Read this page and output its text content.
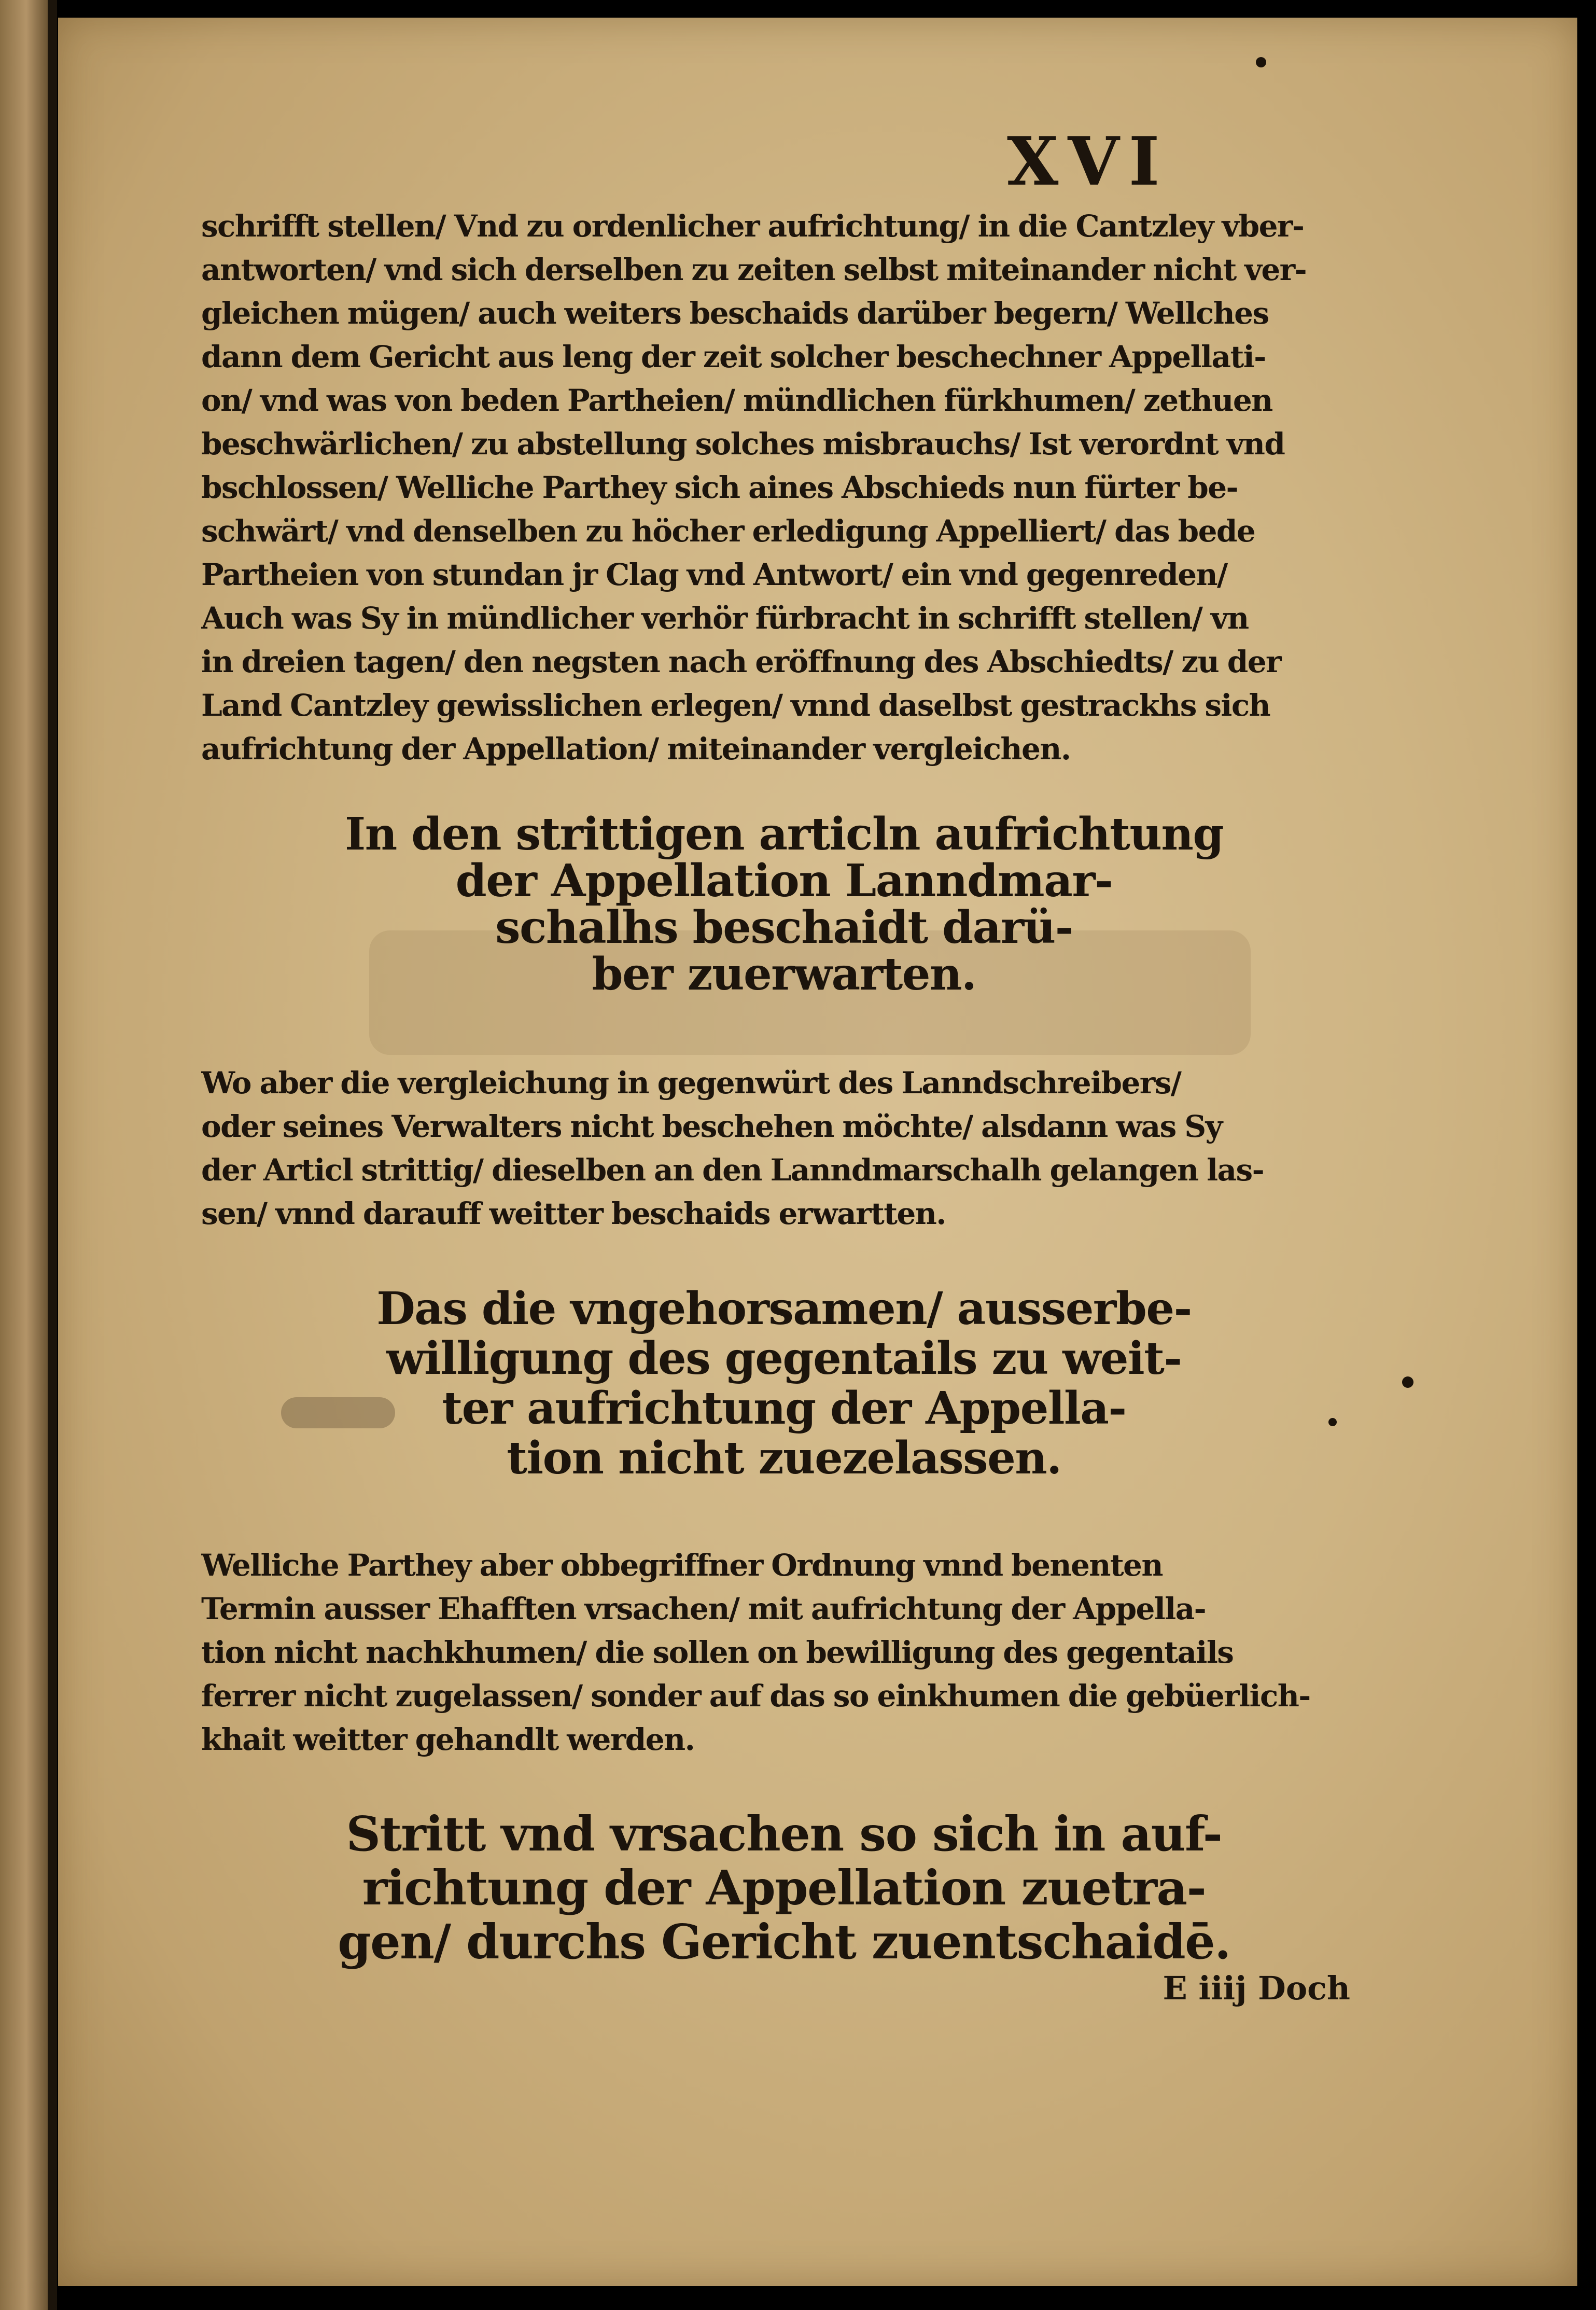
XVI

schrifft stellen/ Vnd zu ordenlicher aufrichtung/ in die Cantzley vber-
antworten/ vnd sich derselben zu zeiten selbst miteinander nicht ver-
gleichen mügen/ auch weiters beschaids darüber begern/ Wellches
dann dem Gericht aus leng der zeit solcher beschechner Appellati-
on/ vnd was von beden Partheien/ mündlichen fürkhumen/ zethuen
beschwärlichen/ zu abstellung solches misbrauchs/ Ist verordnt vnd
bschlossen/ Welliche Parthey sich aines Abschieds nun fürter be-
schwärt/ vnd denselben zu höcher erledigung Appelliert/ das bede
Partheien von stundan jr Clag vnd Antwort/ ein vnd gegenreden/
Auch was Sy in mündlicher verhör fürbracht in schrifft stellen/ vn
in dreien tagen/ den negsten nach eröffnung des Abschiedts/ zu der
Land Cantzley gewisslichen erlegen/ vnnd daselbst gestrackhs sich
aufrichtung der Appellation/ miteinander vergleichen.

In den strittigen articln aufrichtung
der Appellation Lanndmar-
schalhs beschaidt darü-
ber zuerwarten.

Wo aber die vergleichung in gegenwürt des Lanndschreibers/
oder seines Verwalters nicht beschehen möchte/ alsdann was Sy
der Articl strittig/ dieselben an den Lanndmarschalh gelangen las-
sen/ vnnd darauff weitter beschaids erwartten.

Das die vngehorsamen/ ausserbe-
willigung des gegentails zu weit-
ter aufrichtung der Appella-
tion nicht zuezelassen.

Welliche Parthey aber obbegriffner Ordnung vnnd benenten
Termin ausser Ehafften vrsachen/ mit aufrichtung der Appella-
tion nicht nachkhumen/ die sollen on bewilligung des gegentails
ferrer nicht zugelassen/ sonder auf das so einkhumen die gebüerlich-
khait weitter gehandlt werden.

Stritt vnd vrsachen so sich in auf-
richtung der Appellation zuetra-
gen/ durchs Gericht zuentschaidē.
E iiij Doch
